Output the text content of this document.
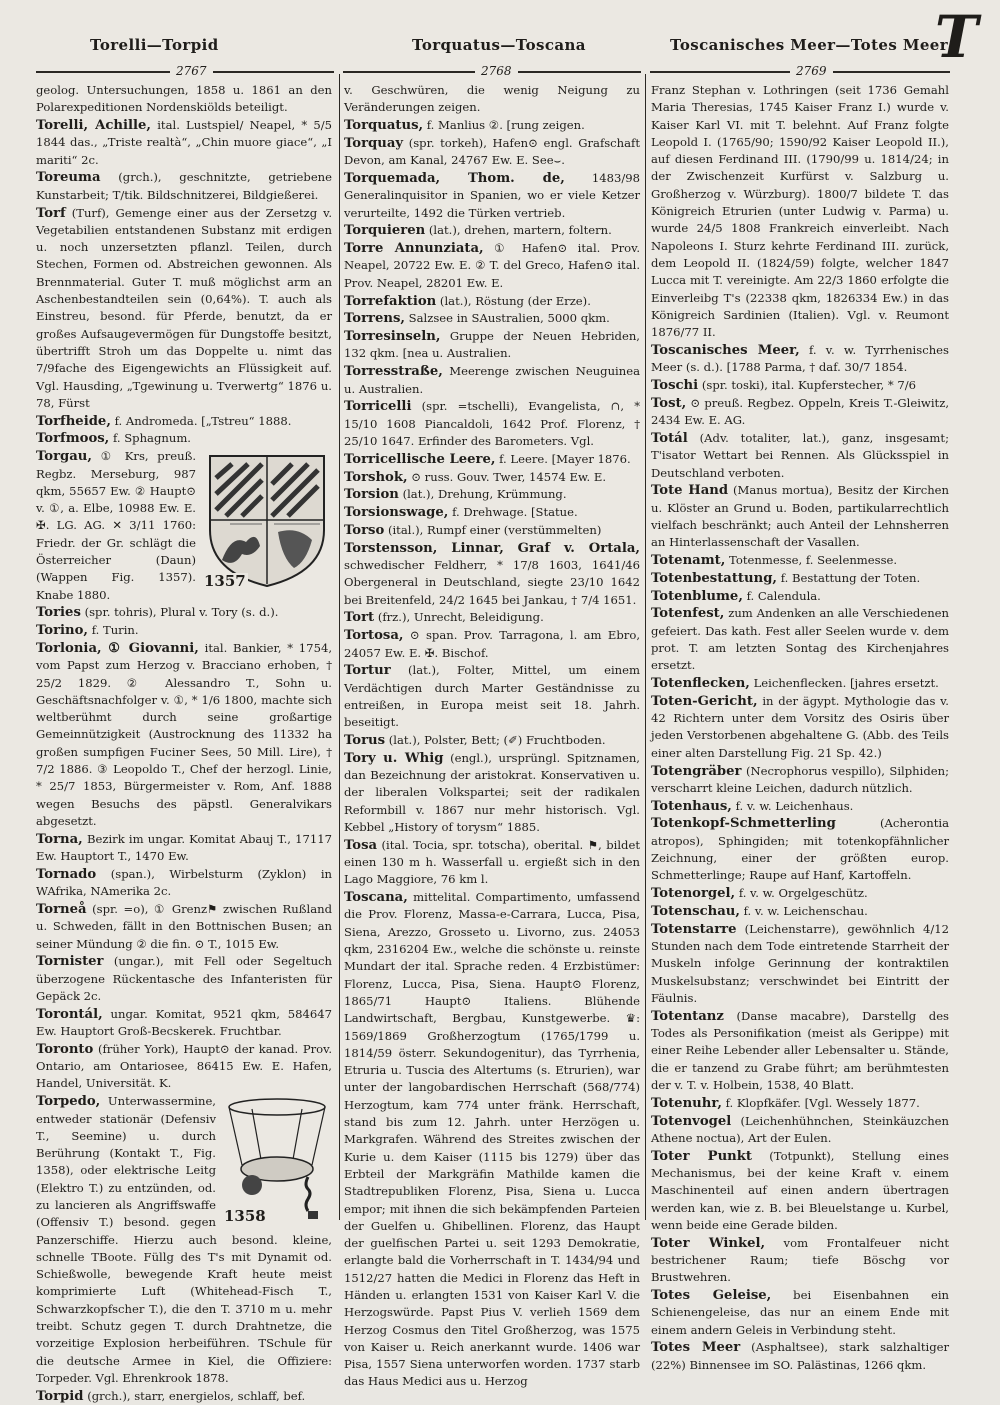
Torelli—Torpid	Torquatus—Toscana	Toscanisches Meer—Totes Meer
T
2767	2768	2769
geolog. Untersuchungen, 1858 u. 1861 an den Polarexpeditionen Nordenskiölds beteiligt.
Torelli, Achille, ital. Lustspiel/ Neapel, * 5/5 1844 das., „Triste realtà“, „Chin muore giace“, „I mariti“ 2c.
Toreuma (grch.), geschnitzte, getriebene Kunstarbeit; T/tik. Bildschnitzerei, Bildgießerei.
Torf (Turf), Gemenge einer aus der Zersetzg v. Vegetabilien entstandenen Substanz mit erdigen u. noch unzersetzten pflanzl. Teilen, durch Stechen, Formen od. Abstreichen gewonnen. Als Brennmaterial. Guter T. muß möglichst arm an Aschenbestandteilen sein (0,64%). T. auch als Einstreu, besond. für Pferde, benutzt, da er großes Aufsaugevermögen für Dungstoffe besitzt, übertrifft Stroh um das Doppelte u. nimt das 7/9fache des Eigengewichts an Flüssigkeit auf. Vgl. Hausding, „Tgewinung u. Tverwertg“ 1876 u. 78, Fürst
Torfheide, f. Andromeda. [„Tstreu“ 1888.
Torfmoos, f. Sphagnum.
1357
Torgau, ① Krs, preuß. Regbz. Merseburg, 987 qkm, 55657 Ew. ② Haupt⊙ v. ①, a. Elbe, 10988 Ew. E. ✠. LG. AG. ✕ 3/11 1760: Friedr. der Gr. schlägt die Österreicher (Daun) (Wappen Fig. 1357). Knabe 1880.
Tories (spr. tohris), Plural v. Tory (s. d.).
Torino, f. Turin.
Torlonia, ① Giovanni, ital. Bankier, * 1754, vom Papst zum Herzog v. Bracciano erhoben, † 25/2 1829. ② Alessandro T., Sohn u. Geschäftsnachfolger v. ①, * 1/6 1800, machte sich weltberühmt durch seine großartige Gemeinnützigkeit (Austrocknung des 11332 ha großen sumpfigen Fuciner Sees, 50 Mill. Lire), † 7/2 1886. ③ Leopoldo T., Chef der herzogl. Linie, * 25/7 1853, Bürgermeister v. Rom, Anf. 1888 wegen Besuchs des päpstl. Generalvikars abgesetzt.
Torna, Bezirk im ungar. Komitat Abauj T., 17117 Ew. Hauptort T., 1470 Ew.
Tornado (span.), Wirbelsturm (Zyklon) in WAfrika, NAmerika 2c.
Torneå (spr. =o), ① Grenz⚑ zwischen Rußland u. Schweden, fällt in den Bottnischen Busen; an seiner Mündung ② die fin. ⊙ T., 1015 Ew.
Tornister (ungar.), mit Fell oder Segeltuch überzogene Rückentasche des Infanteristen für Gepäck 2c.
Torontál, ungar. Komitat, 9521 qkm, 584647 Ew. Hauptort Groß-Becskerek. Fruchtbar.
Toronto (früher York), Haupt⊙ der kanad. Prov. Ontario, am Ontariosee, 86415 Ew. E. Hafen, Handel, Universität. K.
1358
Torpedo, Unterwassermine, entweder stationär (Defensiv T., Seemine) u. durch Berührung (Kontakt T., Fig. 1358), oder elektrische Leitg (Elektro T.) zu entzünden, od. zu lancieren als Angriffswaffe (Offensiv T.) besond. gegen Panzerschiffe. Hierzu auch besond. kleine, schnelle TBoote. Füllg des T's mit Dynamit od. Schießwolle, bewegende Kraft heute meist komprimierte Luft (Whitehead-Fisch T., Schwarzkopfscher T.), die den T. 3710 m u. mehr treibt. Schutz gegen T. durch Drahtnetze, die vorzeitige Explosion herbeiführen. TSchule für die deutsche Armee in Kiel, die Offiziere: Torpeder. Vgl. Ehrenkrook 1878.
Torpid (grch.), starr, energielos, schlaff, bef.
v. Geschwüren, die wenig Neigung zu Veränderungen zeigen.
Torquatus, f. Manlius ②. [rung zeigen.
Torquay (spr. torkeh), Hafen⊙ engl. Grafschaft Devon, am Kanal, 24767 Ew. E. See⌣.
Torquemada, Thom. de, 1483/98 Generalinquisitor in Spanien, wo er viele Ketzer verurteilte, 1492 die Türken vertrieb.
Torquieren (lat.), drehen, martern, foltern.
Torre Annunziata, ① Hafen⊙ ital. Prov. Neapel, 20722 Ew. E. ② T. del Greco, Hafen⊙ ital. Prov. Neapel, 28201 Ew. E.
Torrefaktion (lat.), Röstung (der Erze).
Torrens, Salzsee in SAustralien, 5000 qkm.
Torresinseln, Gruppe der Neuen Hebriden, 132 qkm. [nea u. Australien.
Torresstraße, Meerenge zwischen Neuguinea u. Australien.
Torricelli (spr. =tschelli), Evangelista, ∩, * 15/10 1608 Piancaldoli, 1642 Prof. Florenz, † 25/10 1647. Erfinder des Barometers. Vgl.
Torricellische Leere, f. Leere. [Mayer 1876.
Torshok, ⊙ russ. Gouv. Twer, 14574 Ew. E.
Torsion (lat.), Drehung, Krümmung.
Torsionswage, f. Drehwage. [Statue.
Torso (ital.), Rumpf einer (verstümmelten)
Torstensson, Linnar, Graf v. Ortala, schwedischer Feldherr, * 17/8 1603, 1641/46 Obergeneral in Deutschland, siegte 23/10 1642 bei Breitenfeld, 24/2 1645 bei Jankau, † 7/4 1651.
Tort (frz.), Unrecht, Beleidigung.
Tortosa, ⊙ span. Prov. Tarragona, l. am Ebro, 24057 Ew. E. ✠. Bischof.
Tortur (lat.), Folter, Mittel, um einem Verdächtigen durch Marter Geständnisse zu entreißen, in Europa meist seit 18. Jahrh. beseitigt.
Torus (lat.), Polster, Bett; (✐) Fruchtboden.
Tory u. Whig (engl.), ursprüngl. Spitznamen, dan Bezeichnung der aristokrat. Konservativen u. der liberalen Volkspartei; seit der radikalen Reformbill v. 1867 nur mehr historisch. Vgl. Kebbel „History of torysm“ 1885.
Tosa (ital. Tocia, spr. totscha), oberital. ⚑, bildet einen 130 m h. Wasserfall u. ergießt sich in den Lago Maggiore, 76 km l.
Toscana, mittelital. Compartimento, umfassend die Prov. Florenz, Massa-e-Carrara, Lucca, Pisa, Siena, Arezzo, Grosseto u. Livorno, zus. 24053 qkm, 2316204 Ew., welche die schönste u. reinste Mundart der ital. Sprache reden. 4 Erzbistümer: Florenz, Lucca, Pisa, Siena. Haupt⊙ Florenz, 1865/71 Haupt⊙ Italiens. Blühende Landwirtschaft, Bergbau, Kunstgewerbe. ♛: 1569/1869 Großherzogtum (1765/1799 u. 1814/59 österr. Sekundogenitur), das Tyrrhenia, Etruria u. Tuscia des Altertums (s. Etrurien), war unter der langobardischen Herrschaft (568/774) Herzogtum, kam 774 unter fränk. Herrschaft, stand bis zum 12. Jahrh. unter Herzögen u. Markgrafen. Während des Streites zwischen der Kurie u. dem Kaiser (1115 bis 1279) über das Erbteil der Markgräfin Mathilde kamen die Stadtrepubliken Florenz, Pisa, Siena u. Lucca empor; mit ihnen die sich bekämpfenden Parteien der Guelfen u. Ghibellinen. Florenz, das Haupt der guelfischen Partei u. seit 1293 Demokratie, erlangte bald die Vorherrschaft in T. 1434/94 und 1512/27 hatten die Medici in Florenz das Heft in Händen u. erlangten 1531 von Kaiser Karl V. die Herzogswürde. Papst Pius V. verlieh 1569 dem Herzog Cosmus den Titel Großherzog, was 1575 von Kaiser u. Reich anerkannt wurde. 1406 war Pisa, 1557 Siena unterworfen worden. 1737 starb das Haus Medici aus u. Herzog
Franz Stephan v. Lothringen (seit 1736 Gemahl Maria Theresias, 1745 Kaiser Franz I.) wurde v. Kaiser Karl VI. mit T. belehnt. Auf Franz folgte Leopold I. (1765/90; 1590/92 Kaiser Leopold II.), auf diesen Ferdinand III. (1790/99 u. 1814/24; in der Zwischenzeit Kurfürst v. Salzburg u. Großherzog v. Würzburg). 1800/7 bildete T. das Königreich Etrurien (unter Ludwig v. Parma) u. wurde 24/5 1808 Frankreich einverleibt. Nach Napoleons I. Sturz kehrte Ferdinand III. zurück, dem Leopold II. (1824/59) folgte, welcher 1847 Lucca mit T. vereinigte. Am 22/3 1860 erfolgte die Einverleibg T's (22338 qkm, 1826334 Ew.) in das Königreich Sardinien (Italien). Vgl. v. Reumont 1876/77 II.
Toscanisches Meer, f. v. w. Tyrrhenisches Meer (s. d.). [1788 Parma, † daf. 30/7 1854.
Toschi (spr. toski), ital. Kupferstecher, * 7/6
Tost, ⊙ preuß. Regbez. Oppeln, Kreis T.-Gleiwitz, 2434 Ew. E. AG.
Totál (Adv. totaliter, lat.), ganz, insgesamt; T'isator Wettart bei Rennen. Als Glücksspiel in Deutschland verboten.
Tote Hand (Manus mortua), Besitz der Kirchen u. Klöster an Grund u. Boden, partikularrechtlich vielfach beschränkt; auch Anteil der Lehnsherren an Hinterlassenschaft der Vasallen.
Totenamt, Totenmesse, f. Seelenmesse.
Totenbestattung, f. Bestattung der Toten.
Totenblume, f. Calendula.
Totenfest, zum Andenken an alle Verschiedenen gefeiert. Das kath. Fest aller Seelen wurde v. dem prot. T. am letzten Sontag des Kirchenjahres ersetzt.
Totenflecken, Leichenflecken. [jahres ersetzt.
Toten-Gericht, in der ägypt. Mythologie das v. 42 Richtern unter dem Vorsitz des Osiris über jeden Verstorbenen abgehaltene G. (Abb. des Teils einer alten Darstellung Fig. 21 Sp. 42.)
Totengräber (Necrophorus vespillo), Silphiden; verscharrt kleine Leichen, dadurch nützlich.
Totenhaus, f. v. w. Leichenhaus.
Totenkopf-Schmetterling	(Acherontia atropos), Sphingiden; mit totenkopfähnlicher Zeichnung, einer der größten europ. Schmetterlinge; Raupe auf Hanf, Kartoffeln.
Totenorgel, f. v. w. Orgelgeschütz.
Totenschau, f. v. w. Leichenschau.
Totenstarre (Leichenstarre), gewöhnlich 4/12 Stunden nach dem Tode eintretende Starrheit der Muskeln infolge Gerinnung der kontraktilen Muskelsubstanz; verschwindet bei Eintritt der Fäulnis.
Totentanz (Danse macabre), Darstellg des Todes als Personifikation (meist als Gerippe) mit einer Reihe Lebender aller Lebensalter u. Stände, die er tanzend zu Grabe führt; am berühmtesten der v. T. v. Holbein, 1538, 40 Blatt.
Totenuhr, f. Klopfkäfer. [Vgl. Wessely 1877.
Totenvogel (Leichenhühnchen, Steinkäuzchen Athene noctua), Art der Eulen.
Toter Punkt (Totpunkt), Stellung eines Mechanismus, bei der keine Kraft v. einem Maschinenteil auf einen andern übertragen werden kan, wie z. B. bei Bleuelstange u. Kurbel, wenn beide eine Gerade bilden.
Toter Winkel, vom Frontalfeuer nicht bestrichener Raum; tiefe Böschg vor Brustwehren.
Totes Geleise, bei Eisenbahnen ein Schienengeleise, das nur an einem Ende mit einem andern Geleis in Verbindung steht.
Totes Meer (Asphaltsee), stark salzhaltiger (22%) Binnensee im SO. Palästinas, 1266 qkm.
